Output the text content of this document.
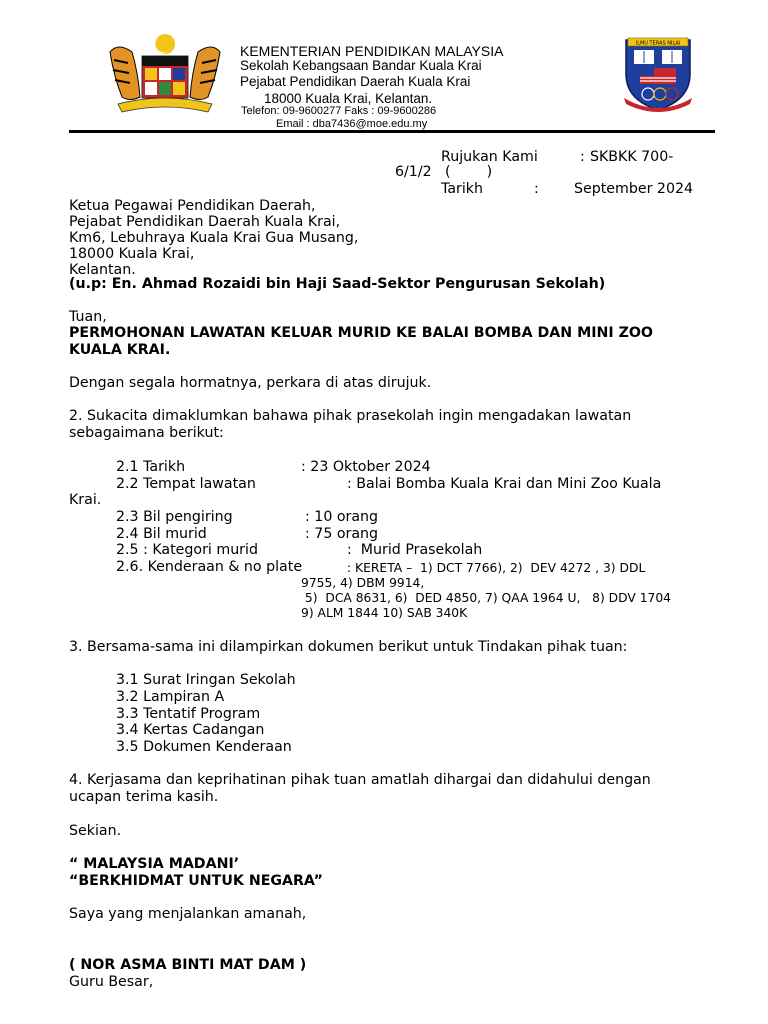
KEMENTERIAN PENDIDIKAN MALAYSIA
Sekolah Kebangsaan Bandar Kuala Krai
Pejabat Pendidikan Daerah Kuala Krai
18000 Kuala Krai, Kelantan.
Telefon: 09-9600277 Faks : 09-9600286
Email : dba7436@moe.edu.my
ILMU TERAS NILAI
Rujukan Kami	: SKBKK 700-
6/1/2 (        )
Tarikh	: September 2024
Ketua Pegawai Pendidikan Daerah,
Pejabat Pendidikan Daerah Kuala Krai,
Km6, Lebuhraya Kuala Krai Gua Musang,
18000 Kuala Krai,
Kelantan.
(u.p: En. Ahmad Rozaidi bin Haji Saad-Sektor Pengurusan Sekolah)
Tuan,
PERMOHONAN LAWATAN KELUAR MURID KE BALAI BOMBA DAN MINI ZOO
KUALA KRAI.
Dengan segala hormatnya, perkara di atas dirujuk.
2. Sukacita dimaklumkan bahawa pihak prasekolah ingin mengadakan lawatan
sebagaimana berikut:
2.1 Tarikh	: 23 Oktober 2024
2.2 Tempat lawatan	: Balai Bomba Kuala Krai dan Mini Zoo Kuala
Krai.
2.3 Bil pengiring	: 10 orang
2.4 Bil murid	: 75 orang
2.5 : Kategori murid	:  Murid Prasekolah
2.6. Kenderaan & no plate	: KERETA –  1) DCT 7766), 2)  DEV 4272 , 3) DDL
9755, 4) DBM 9914,
5)  DCA 8631, 6)  DED 4850, 7) QAA 1964 U,   8) DDV 1704
9) ALM 1844 10) SAB 340K
3. Bersama-sama ini dilampirkan dokumen berikut untuk Tindakan pihak tuan:
3.1 Surat Iringan Sekolah
3.2 Lampiran A
3.3 Tentatif Program
3.4 Kertas Cadangan
3.5 Dokumen Kenderaan
4. Kerjasama dan keprihatinan pihak tuan amatlah dihargai dan didahului dengan
ucapan terima kasih.
Sekian.
“ MALAYSIA MADANI’
“BERKHIDMAT UNTUK NEGARA”
Saya yang menjalankan amanah,
( NOR ASMA BINTI MAT DAM )
Guru Besar,
